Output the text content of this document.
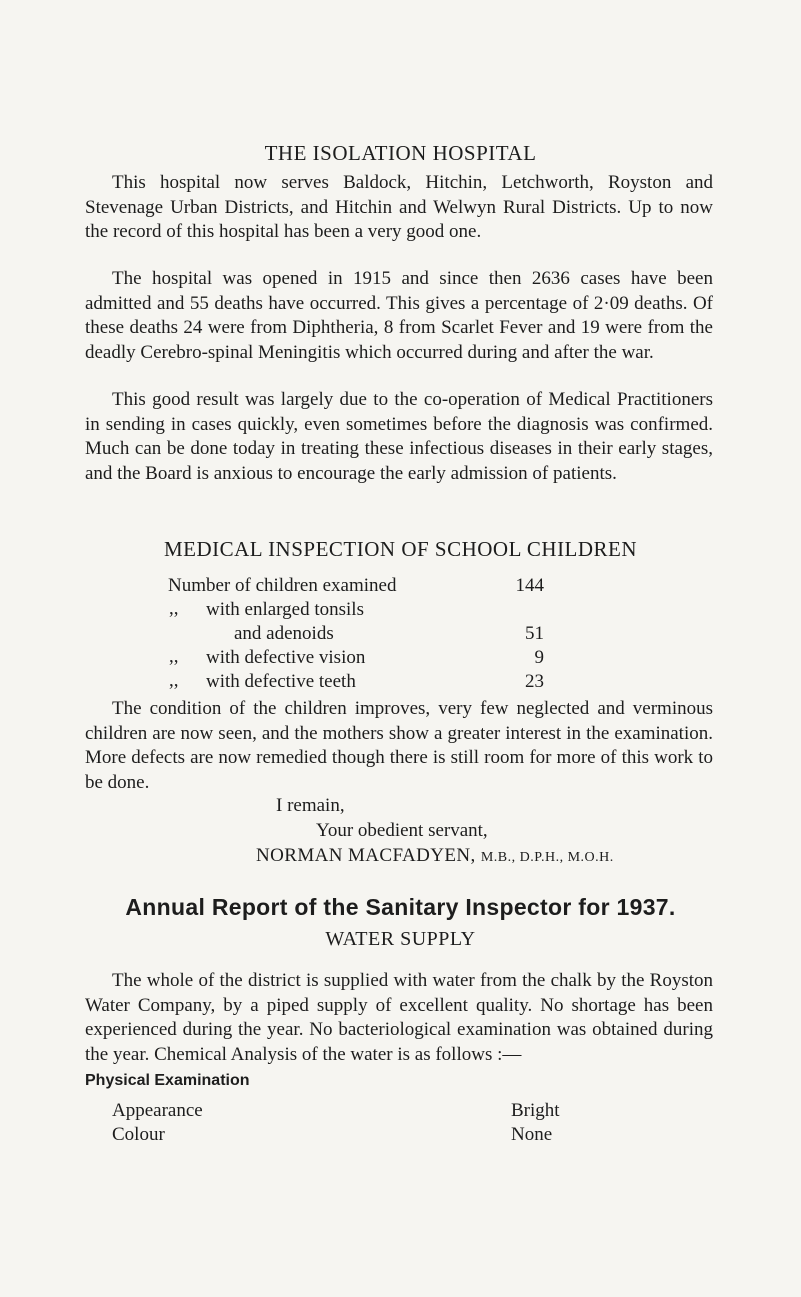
THE ISOLATION HOSPITAL

This hospital now serves Baldock, Hitchin, Letchworth, Royston and Stevenage Urban Districts, and Hitchin and Welwyn Rural Districts. Up to now the record of this hospital has been a very good one.

The hospital was opened in 1915 and since then 2636 cases have been admitted and 55 deaths have occurred. This gives a percentage of 2·09 deaths. Of these deaths 24 were from Diphtheria, 8 from Scarlet Fever and 19 were from the deadly Cerebro-spinal Meningitis which occurred during and after the war.

This good result was largely due to the co-operation of Medical Practitioners in sending in cases quickly, even sometimes before the diagnosis was confirmed. Much can be done today in treating these infectious diseases in their early stages, and the Board is anxious to encourage the early admission of patients.

MEDICAL INSPECTION OF SCHOOL CHILDREN
Number of children examined	144
,, with enlarged tonsils
and adenoids	51
,, with defective vision	9
,, with defective teeth	23

The condition of the children improves, very few neglected and verminous children are now seen, and the mothers show a greater interest in the examination. More defects are now remedied though there is still room for more of this work to be done.

I remain,
Your obedient servant,
NORMAN MACFADYEN, M.B., D.P.H., M.O.H.
Annual Report of the Sanitary Inspector for 1937.
WATER SUPPLY

The whole of the district is supplied with water from the chalk by the Royston Water Company, by a piped supply of excellent quality. No shortage has been experienced during the year. No bacteriological examination was obtained during the year. Chemical Analysis of the water is as follows :—

Physical Examination
Appearance	Bright
Colour	None
